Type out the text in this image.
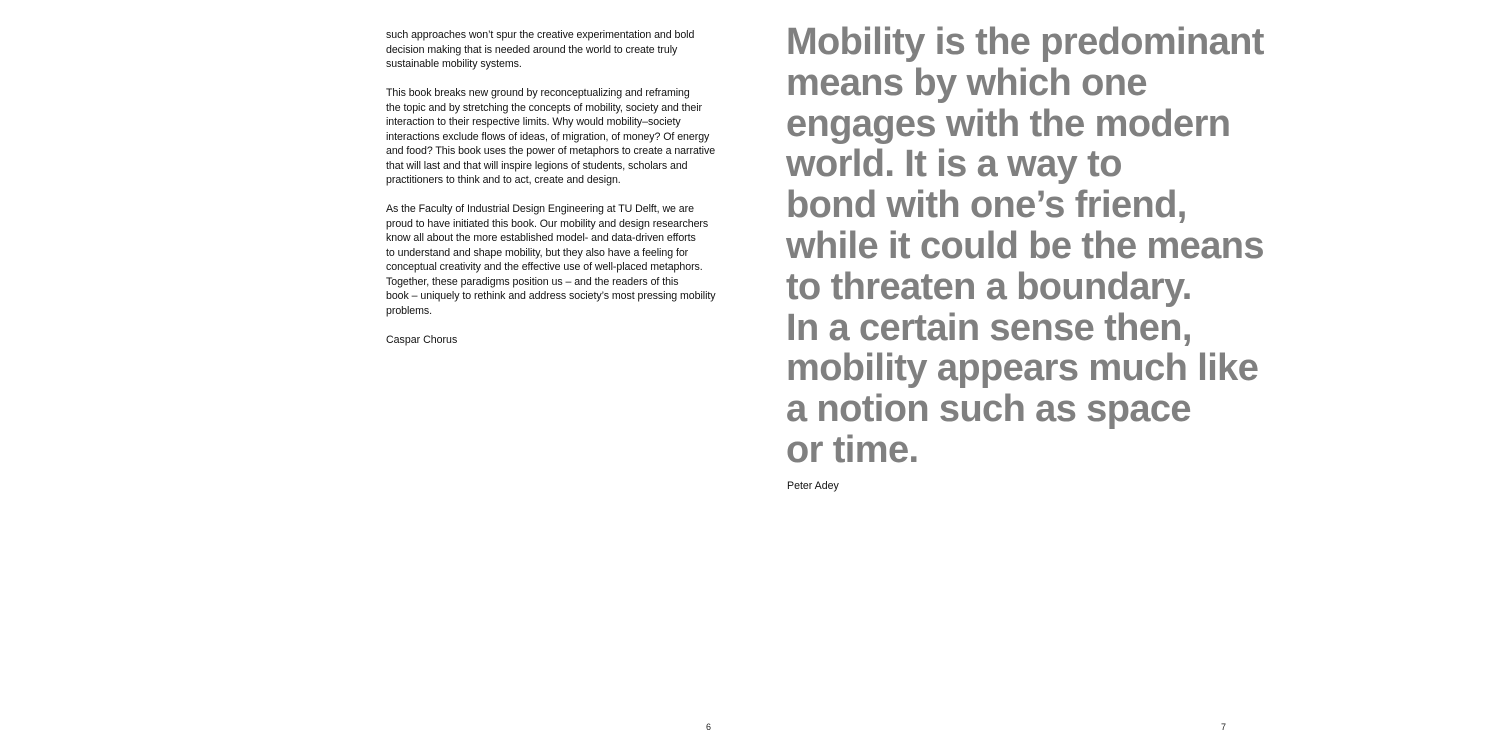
such approaches won’t spur the creative experimentation and bold
decision making that is needed around the world to create truly
sustainable mobility systems.

This book breaks new ground by reconceptualizing and reframing
the topic and by stretching the concepts of mobility, society and their
interaction to their respective limits. Why would mobility–society
interactions exclude flows of ideas, of migration, of money? Of energy
and food? This book uses the power of metaphors to create a narrative
that will last and that will inspire legions of students, scholars and
practitioners to think and to act, create and design.

As the Faculty of Industrial Design Engineering at TU Delft, we are
proud to have initiated this book. Our mobility and design researchers
know all about the more established model- and data-driven efforts
to understand and shape mobility, but they also have a feeling for
conceptual creativity and the effective use of well-placed metaphors.
Together, these paradigms position us – and the readers of this
book – uniquely to rethink and address society’s most pressing mobility
problems.

Caspar Chorus

Mobility is the predominant
means by which one
engages with the modern
world. It is a way to
bond with one’s friend,
while it could be the means
to threaten a boundary.
In a certain sense then,
mobility appears much like
a notion such as space
or time.

Peter Adey

6	7
